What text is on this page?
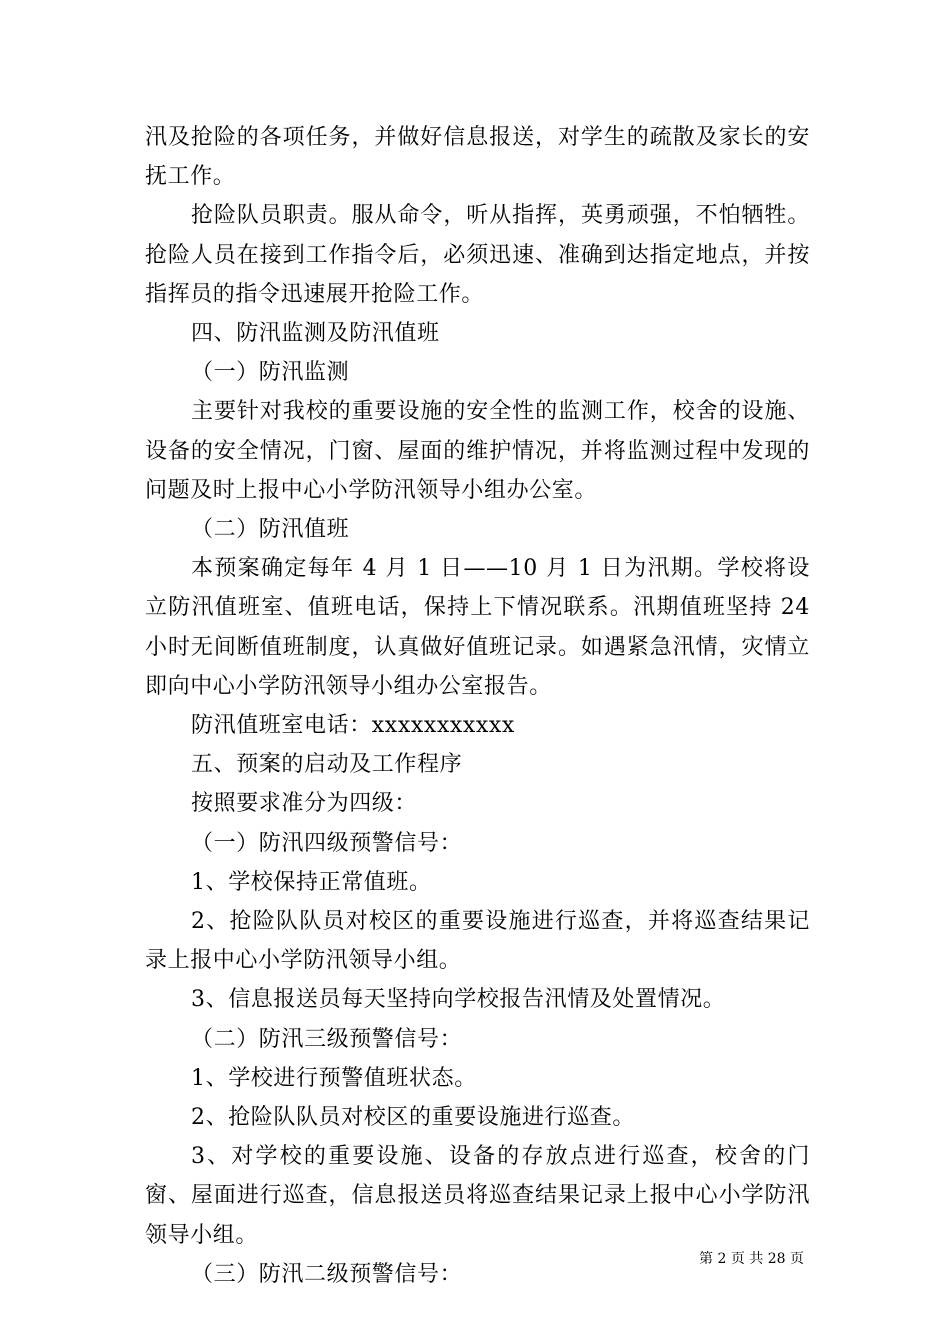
汛及抢险的各项任务，并做好信息报送，对学生的疏散及家长的安抚工作。

抢险队员职责。服从命令，听从指挥，英勇顽强，不怕牺牲。抢险人员在接到工作指令后，必须迅速、准确到达指定地点，并按指挥员的指令迅速展开抢险工作。

四、防汛监测及防汛值班

（一）防汛监测

主要针对我校的重要设施的安全性的监测工作，校舍的设施、设备的安全情况，门窗、屋面的维护情况，并将监测过程中发现的问题及时上报中心小学防汛领导小组办公室。

（二）防汛值班

本预案确定每年 4 月 1 日——10 月 1 日为汛期。学校将设立防汛值班室、值班电话，保持上下情况联系。汛期值班坚持 24 小时无间断值班制度，认真做好值班记录。如遇紧急汛情，灾情立即向中心小学防汛领导小组办公室报告。

防汛值班室电话：xxxxxxxxxxx

五、预案的启动及工作程序

按照要求准分为四级：

（一）防汛四级预警信号：

1、学校保持正常值班。

2、抢险队队员对校区的重要设施进行巡查，并将巡查结果记录上报中心小学防汛领导小组。

3、信息报送员每天坚持向学校报告汛情及处置情况。

（二）防汛三级预警信号：

1、学校进行预警值班状态。

2、抢险队队员对校区的重要设施进行巡查。

3、对学校的重要设施、设备的存放点进行巡查，校舍的门窗、屋面进行巡查，信息报送员将巡查结果记录上报中心小学防汛领导小组。

（三）防汛二级预警信号：

第 2 页 共 28 页
